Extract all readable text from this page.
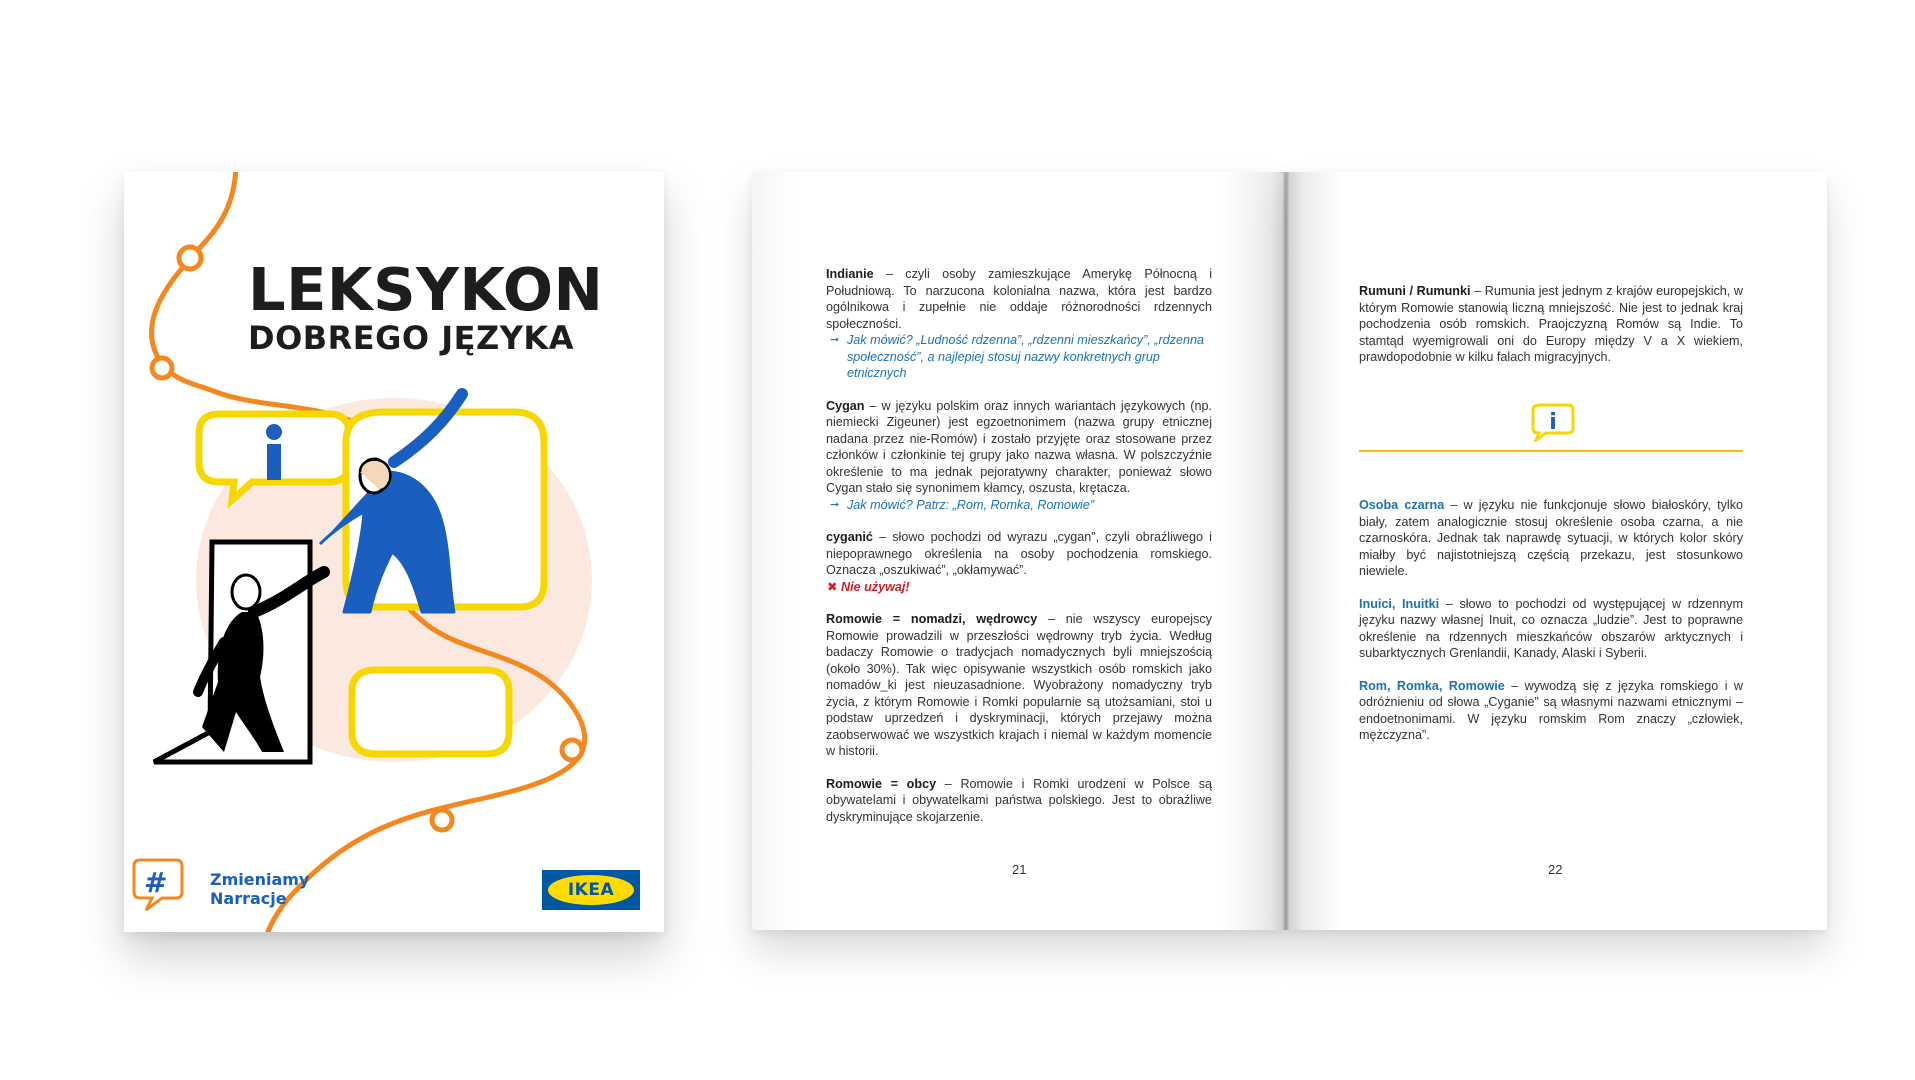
#
LEKSYKON
DOBREGO JĘZYKA
Zmieniamy
Narracje	IKEA

Indianie – czyli osoby zamieszkujące Amerykę Północną i Południową. To narzucona kolonialna nazwa, która jest bardzo ogólnikowa i zupełnie nie oddaje różnorodności rdzennych społeczności.

➞ Jak mówić? „Ludność rdzenna”, „rdzenni mieszkańcy”, „rdzenna społeczność”, a najlepiej stosuj nazwy konkretnych grup etnicznych

Cygan – w języku polskim oraz innych wariantach językowych (np. niemiecki Zigeuner) jest egzoetnonimem (nazwa grupy etnicznej nadana przez nie-Romów) i zostało przyjęte oraz stosowane przez członków i członkinie tej grupy jako nazwa własna. W polszczyźnie określenie to ma jednak pejoratywny charakter, ponieważ słowo Cygan stało się synonimem kłamcy, oszusta, krętacza.

➞ Jak mówić? Patrz: „Rom, Romka, Romowie”

cyganić – słowo pochodzi od wyrazu „cygan”, czyli obraźliwego i niepoprawnego określenia na osoby pochodzenia romskiego. Oznacza „oszukiwać”, „okłamywać”.

✖ Nie używaj!

Romowie = nomadzi, wędrowcy – nie wszyscy europejscy Romowie prowadzili w przeszłości wędrowny tryb życia. Według badaczy Romowie o tradycjach nomadycznych byli mniejszością (około 30%). Tak więc opisywanie wszystkich osób romskich jako nomadów_ki jest nieuzasadnione. Wyobrażony nomadyczny tryb życia, z którym Romowie i Romki popularnie są utożsamiani, stoi u podstaw uprzedzeń i dyskryminacji, których przejawy można zaobserwować we wszystkich krajach i niemal w każdym momencie w historii.

Romowie = obcy – Romowie i Romki urodzeni w Polsce są obywatelami i obywatelkami państwa polskiego. Jest to obraźliwe dyskryminujące skojarzenie.

21

Rumuni / Rumunki – Rumunia jest jednym z krajów europejskich, w którym Romowie stanowią liczną mniejszość. Nie jest to jednak kraj pochodzenia osób romskich. Praojczyzną Romów są Indie. To stamtąd wyemigrowali oni do Europy między V a X wiekiem, prawdopodobnie w kilku falach migracyjnych.

i

Osoba czarna – w języku nie funkcjonuje słowo białoskóry, tylko biały, zatem analogicznie stosuj określenie osoba czarna, a nie czarnoskóra. Jednak tak naprawdę sytuacji, w których kolor skóry miałby być najistotniejszą częścią przekazu, jest stosunkowo niewiele.

Inuici, Inuitki – słowo to pochodzi od występującej w rdzennym języku nazwy własnej Inuit, co oznacza „ludzie”. Jest to poprawne określenie na rdzennych mieszkańców obszarów arktycznych i subarktycznych Grenlandii, Kanady, Alaski i Syberii.

Rom, Romka, Romowie – wywodzą się z języka romskiego i w odróżnieniu od słowa „Cyganie” są własnymi nazwami etnicznymi – endoetnonimami. W języku romskim Rom znaczy „człowiek, mężczyzna”.

22
